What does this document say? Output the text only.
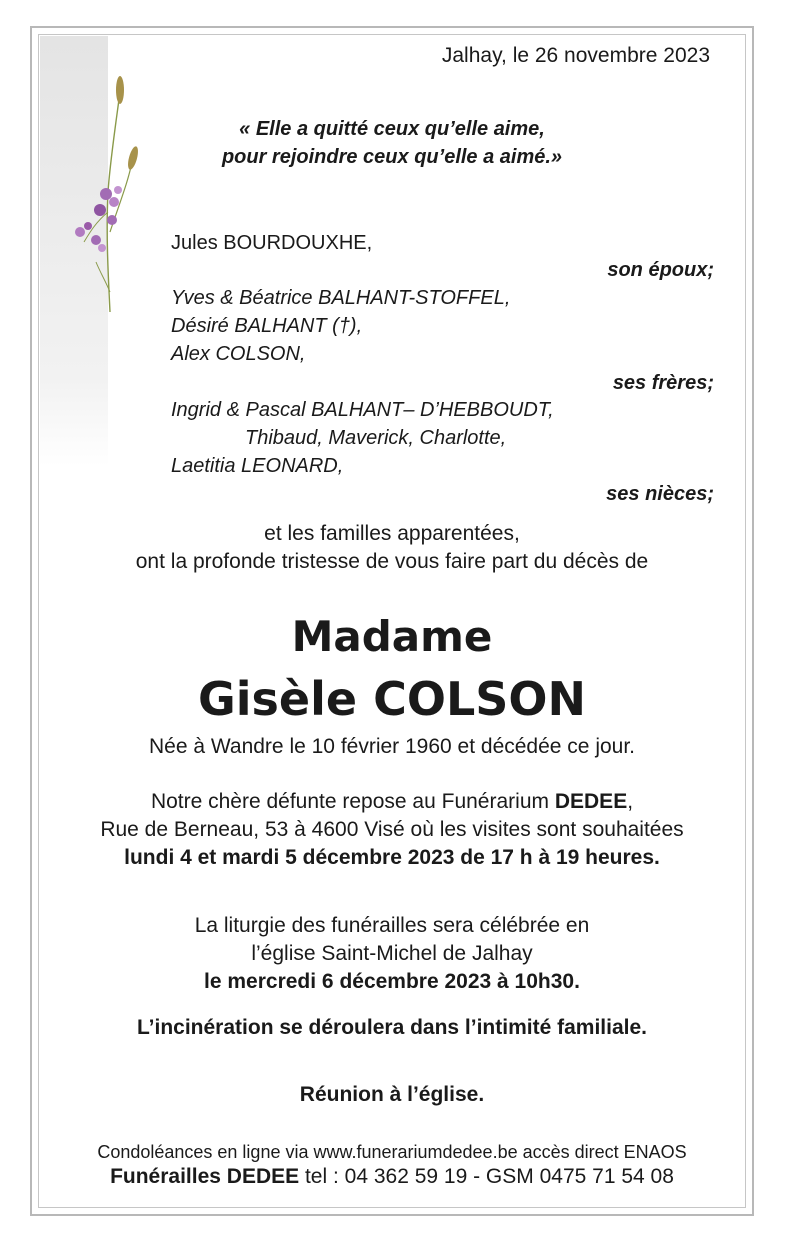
Jalhay, le 26 novembre 2023
« Elle a quitté ceux qu’elle aime,
pour rejoindre ceux qu’elle a aimé.»
Jules BOURDOUXHE,
son époux;
Yves & Béatrice BALHANT-STOFFEL,
Désiré BALHANT (†),
Alex COLSON,
ses frères;
Ingrid & Pascal BALHANT– D’HEBBOUDT,
Thibaud, Maverick, Charlotte,
Laetitia LEONARD,
ses nièces;
et les familles apparentées,
ont la profonde tristesse de vous faire part du décès de
Madame
Gisèle COLSON
Née à Wandre le 10 février 1960 et décédée ce jour.
Notre chère défunte repose au Funérarium DEDEE,
Rue de Berneau, 53 à 4600 Visé où les visites sont souhaitées
lundi 4 et mardi 5 décembre 2023 de 17 h à 19 heures.
La liturgie des funérailles sera célébrée en
l’église Saint-Michel de Jalhay
le mercredi 6 décembre 2023 à 10h30.
L’incinération se déroulera dans l’intimité familiale.
Réunion à l’église.
Condoléances en ligne via www.funerariumdedee.be accès direct ENAOS
Funérailles DEDEE tel : 04 362 59 19 - GSM 0475 71 54 08
